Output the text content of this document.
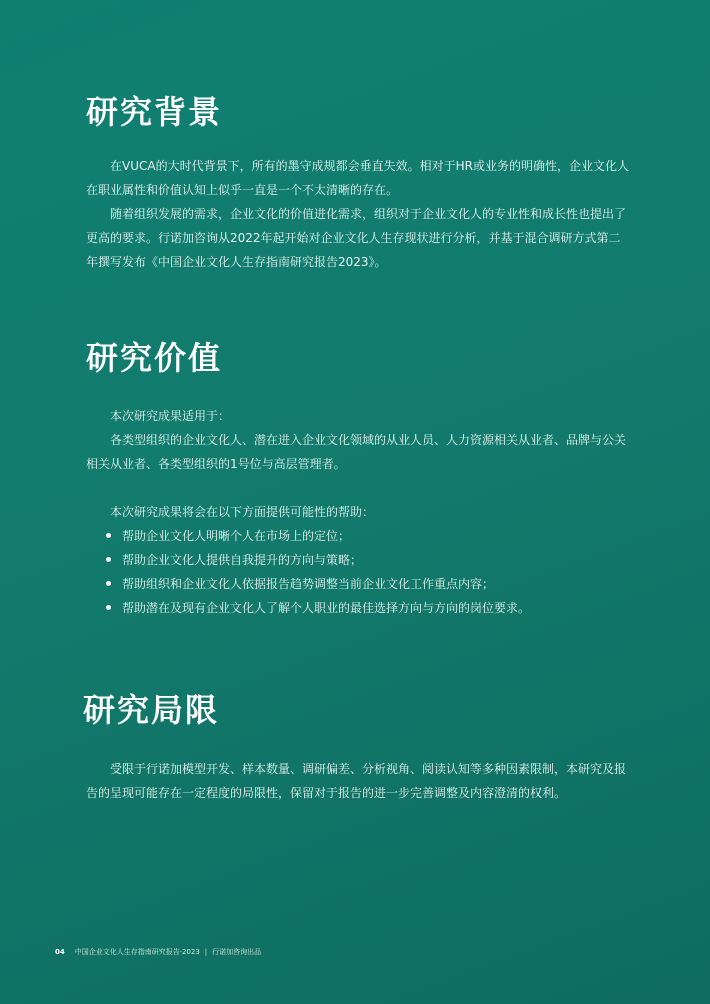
研究背景

在VUCA的大时代背景下，所有的墨守成规都会垂直失效。相对于HR或业务的明确性，企业文化人在职业属性和价值认知上似乎一直是一个不太清晰的存在。

随着组织发展的需求，企业文化的价值进化需求，组织对于企业文化人的专业性和成长性也提出了更高的要求。行诺加咨询从2022年起开始对企业文化人生存现状进行分析，并基于混合调研方式第二年撰写发布《中国企业文化人生存指南研究报告2023》。

研究价值

本次研究成果适用于：

各类型组织的企业文化人、潜在进入企业文化领域的从业人员、人力资源相关从业者、品牌与公关相关从业者、各类型组织的1号位与高层管理者。

本次研究成果将会在以下方面提供可能性的帮助：

帮助企业文化人明晰个人在市场上的定位；
帮助企业文化人提供自我提升的方向与策略；
帮助组织和企业文化人依据报告趋势调整当前企业文化工作重点内容；
帮助潜在及现有企业文化人了解个人职业的最佳选择方向与方向的岗位要求。
研究局限

受限于行诺加模型开发、样本数量、调研偏差、分析视角、阅读认知等多种因素限制，本研究及报告的呈现可能存在一定程度的局限性，保留对于报告的进一步完善调整及内容澄清的权利。

04 中国企业文化人生存指南研究报告·2023 | 行诺加咨询出品
